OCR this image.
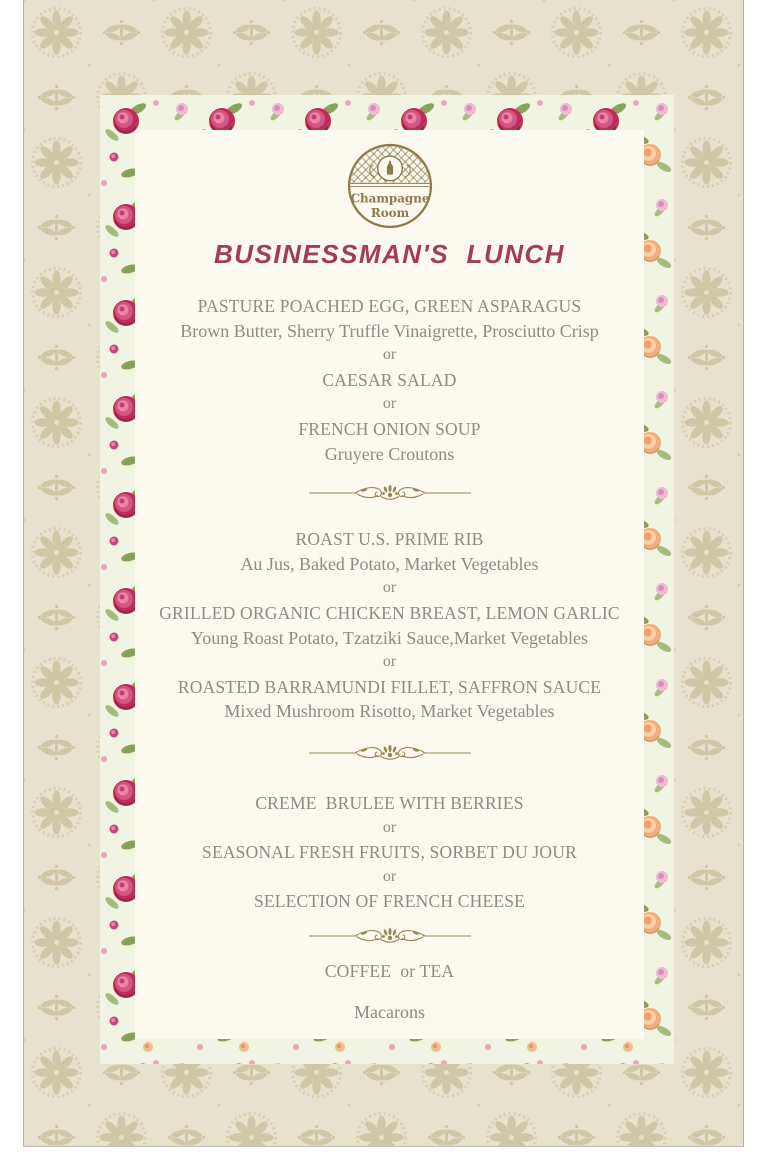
Champagne
Room
BUSINESSMAN'S  LUNCH
PASTURE POACHED EGG, GREEN ASPARAGUS
Brown Butter, Sherry Truffle Vinaigrette, Prosciutto Crisp
or
CAESAR SALAD
or
FRENCH ONION SOUP
Gruyere Croutons
ROAST U.S. PRIME RIB
Au Jus, Baked Potato, Market Vegetables
or
GRILLED ORGANIC CHICKEN BREAST, LEMON GARLIC
Young Roast Potato, Tzatziki Sauce,Market Vegetables
or
ROASTED BARRAMUNDI FILLET, SAFFRON SAUCE
Mixed Mushroom Risotto, Market Vegetables
CREME  BRULEE WITH BERRIES
or
SEASONAL FRESH FRUITS, SORBET DU JOUR
or
SELECTION OF FRENCH CHEESE
COFFEE  or TEA
Macarons
